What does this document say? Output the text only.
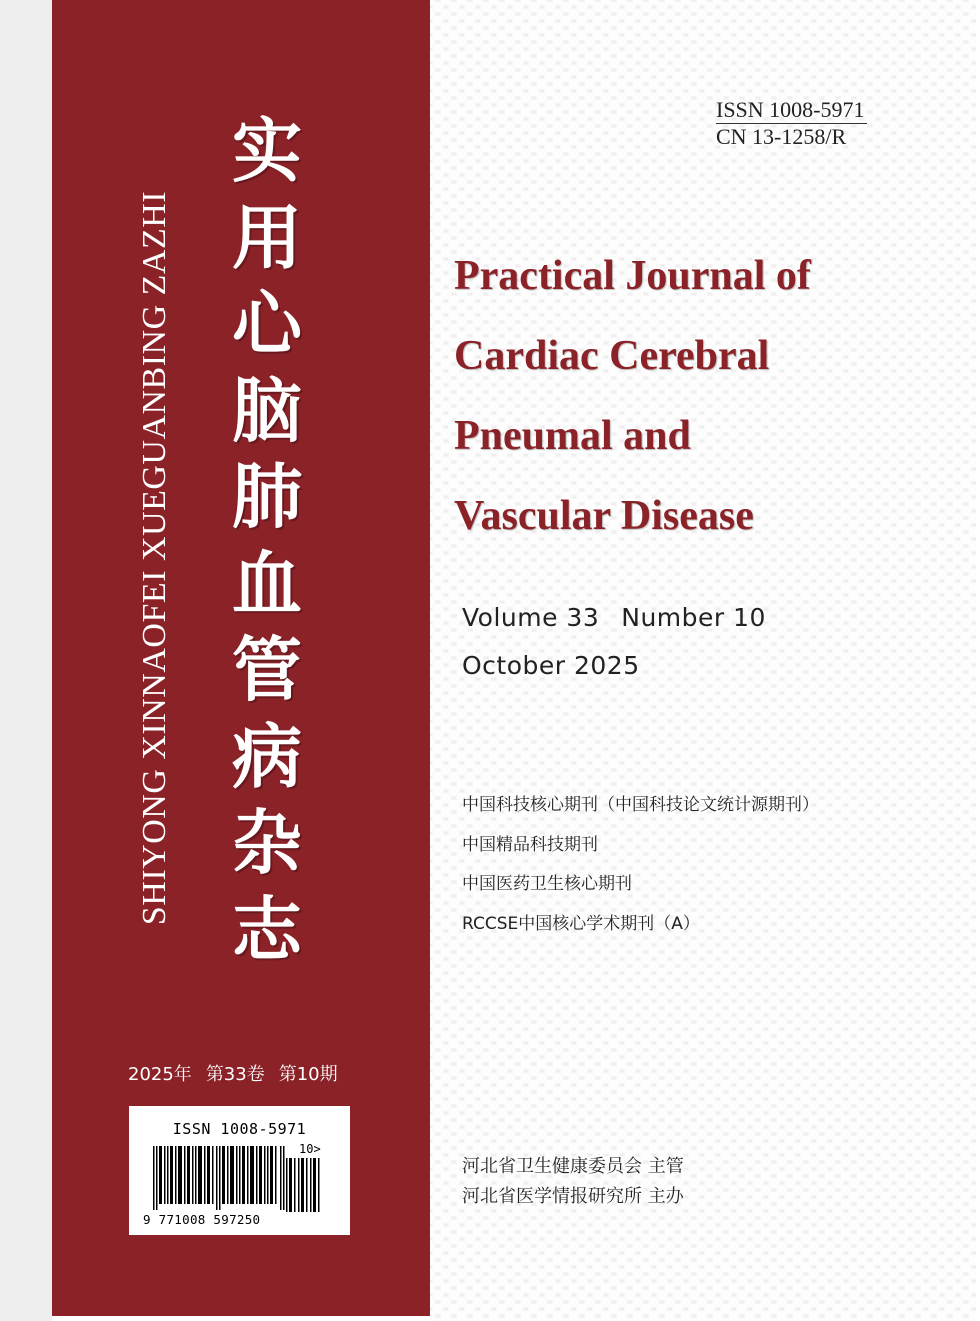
SHIYONG XINNAOFEI XUEGUANBING ZAZHI
实
用
心
脑
肺
血
管
病
杂
志
2025年 第33卷 第10期
ISSN 1008-5971
10>
9 771008 597250
ISSN 1008-5971
CN 13-1258/R
Practical Journal of
Cardiac Cerebral
Pneumal and
Vascular Disease
Volume 33 Number 10
October 2025
中国科技核心期刊（中国科技论文统计源期刊）
中国精品科技期刊
中国医药卫生核心期刊
RCCSE中国核心学术期刊（A）
河北省卫生健康委员会 主管
河北省医学情报研究所 主办
